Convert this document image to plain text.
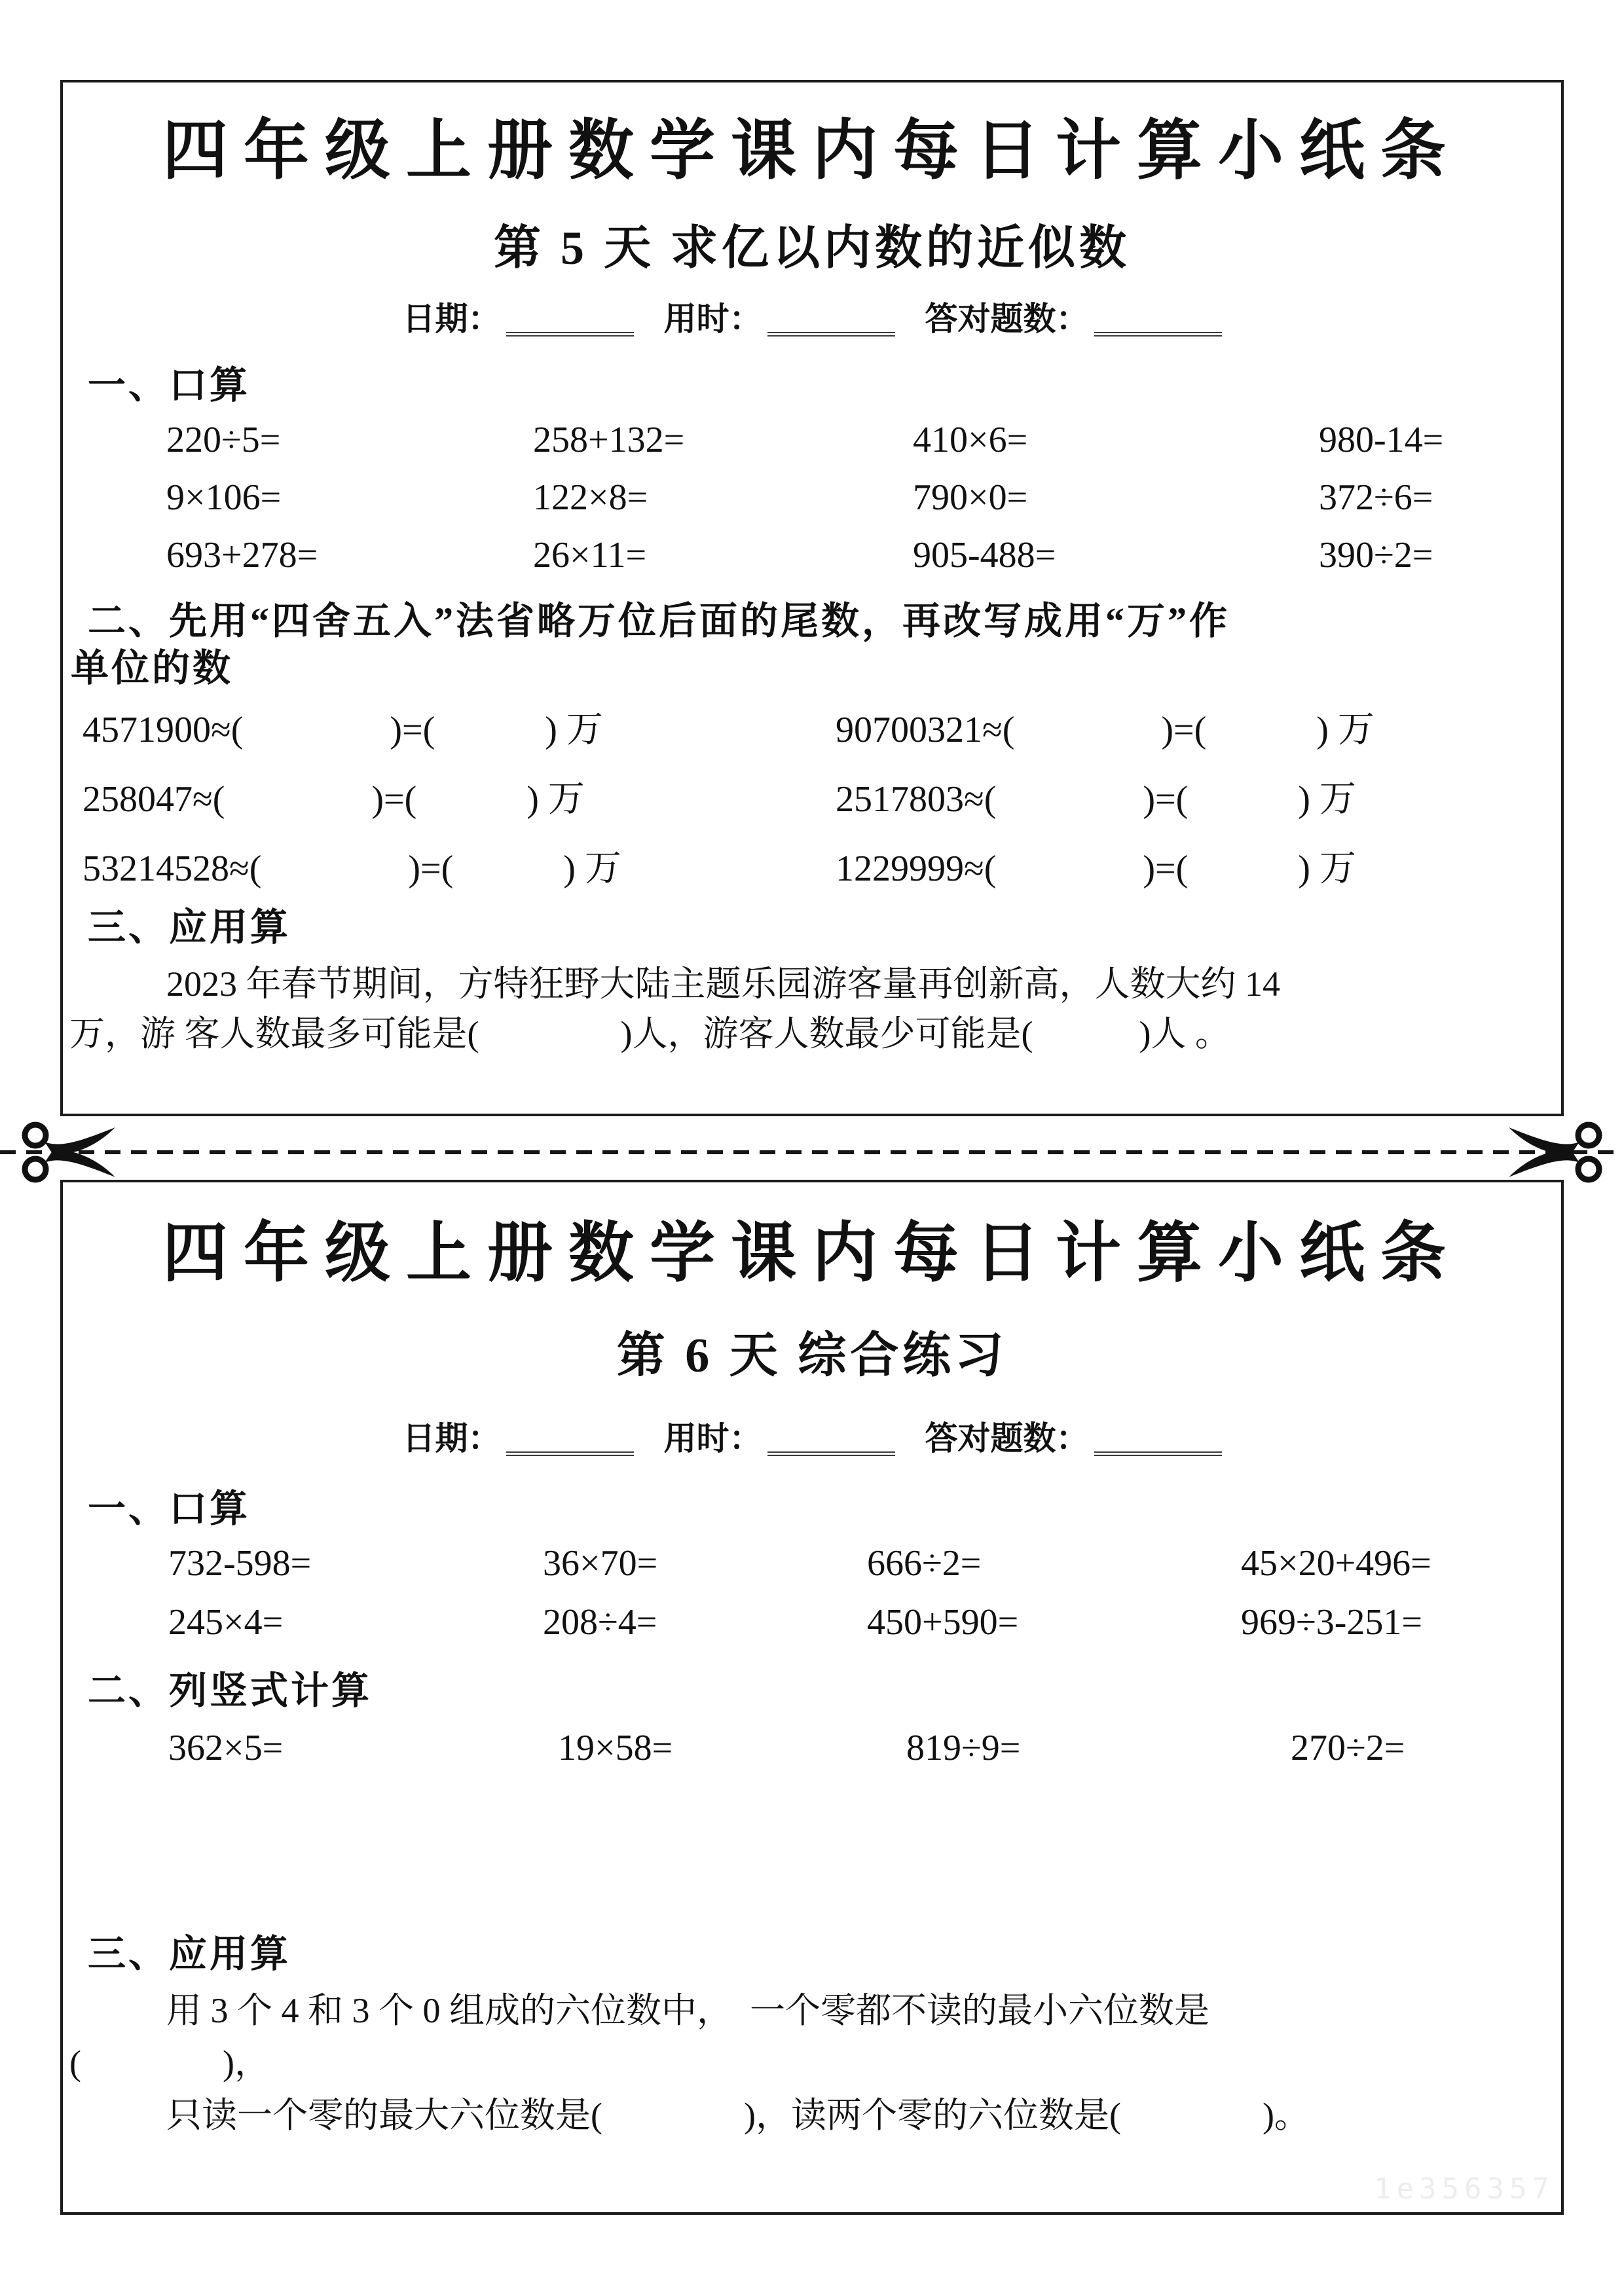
四年级上册数学课内每日计算小纸条
第 5 天 求亿以内数的近似数
日期：	用时：	答对题数：
一、口算
220÷5=	258+132=	410×6=	980-14=
9×106=	122×8=	790×0=	372÷6=
693+278=	26×11=	905-488=	390÷2=
二、先用“四舍五入”法省略万位后面的尾数，再改写成用“万”作
单位的数
4571900≈(　　　　)=(　　　) 万	90700321≈(　　　　)=(　　　) 万
258047≈(　　　　)=(　　　) 万	2517803≈(　　　　)=(　　　) 万
53214528≈(　　　　)=(　　　) 万	1229999≈(　　　　)=(　　　) 万
三、应用算
2023 年春节期间，方特狂野大陆主题乐园游客量再创新高，人数大约 14
万，游 客人数最多可能是(　　　　)人，游客人数最少可能是(　　　)人 。
四年级上册数学课内每日计算小纸条
第 6 天 综合练习
日期：	用时：	答对题数：
一、口算
732-598=	36×70=	666÷2=	45×20+496=
245×4=	208÷4=	450+590=	969÷3-251=
二、列竖式计算
362×5=	19×58=	819÷9=	270÷2=
三、应用算
用 3 个 4 和 3 个 0 组成的六位数中，  一个零都不读的最小六位数是
(　　　　)，
只读一个零的最大六位数是(　　　　)，读两个零的六位数是(　　　　)。
1e356357
